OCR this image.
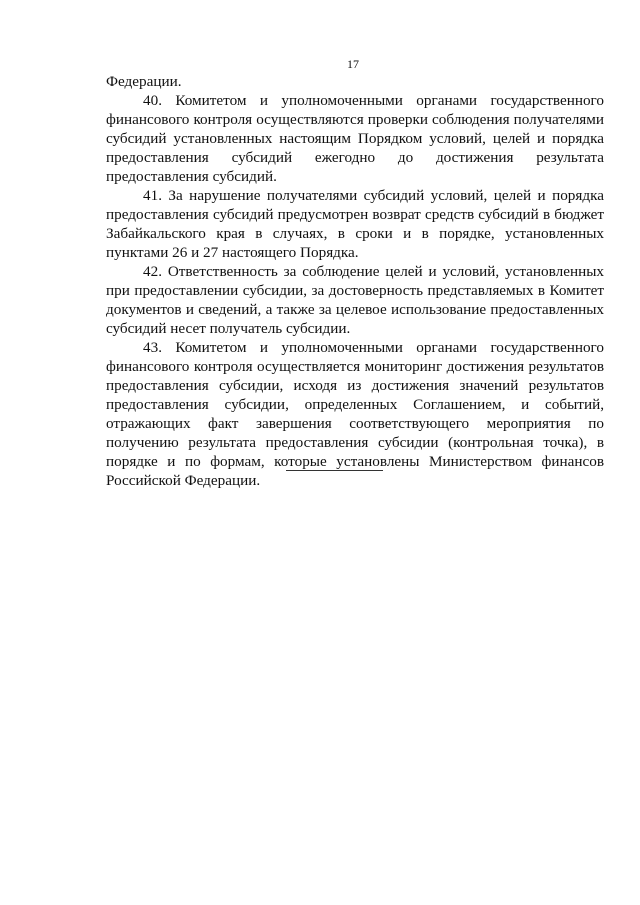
17

Федерации.

40. Комитетом и уполномоченными органами государственного финансового контроля осуществляются проверки соблюдения получателями субсидий установленных настоящим Порядком условий, целей и порядка предоставления субсидий ежегодно до достижения результата предоставления субсидий.

41. За нарушение получателями субсидий условий, целей и порядка предоставления субсидий предусмотрен возврат средств субсидий в бюджет Забайкальского края в случаях, в сроки и в порядке, установленных пунктами 26 и 27 настоящего Порядка.

42. Ответственность за соблюдение целей и условий, установленных при предоставлении субсидии, за достоверность представляемых в Комитет документов и сведений, а также за целевое использование предоставленных субсидий несет получатель субсидии.

43. Комитетом и уполномоченными органами государственного финансового контроля осуществляется мониторинг достижения результатов предоставления субсидии, исходя из достижения значений результатов предоставления субсидии, определенных Соглашением, и событий, отражающих факт завершения соответствующего мероприятия по получению результата предоставления субсидии (контрольная точка), в порядке и по формам, которые установлены Министерством финансов Российской Федерации.
